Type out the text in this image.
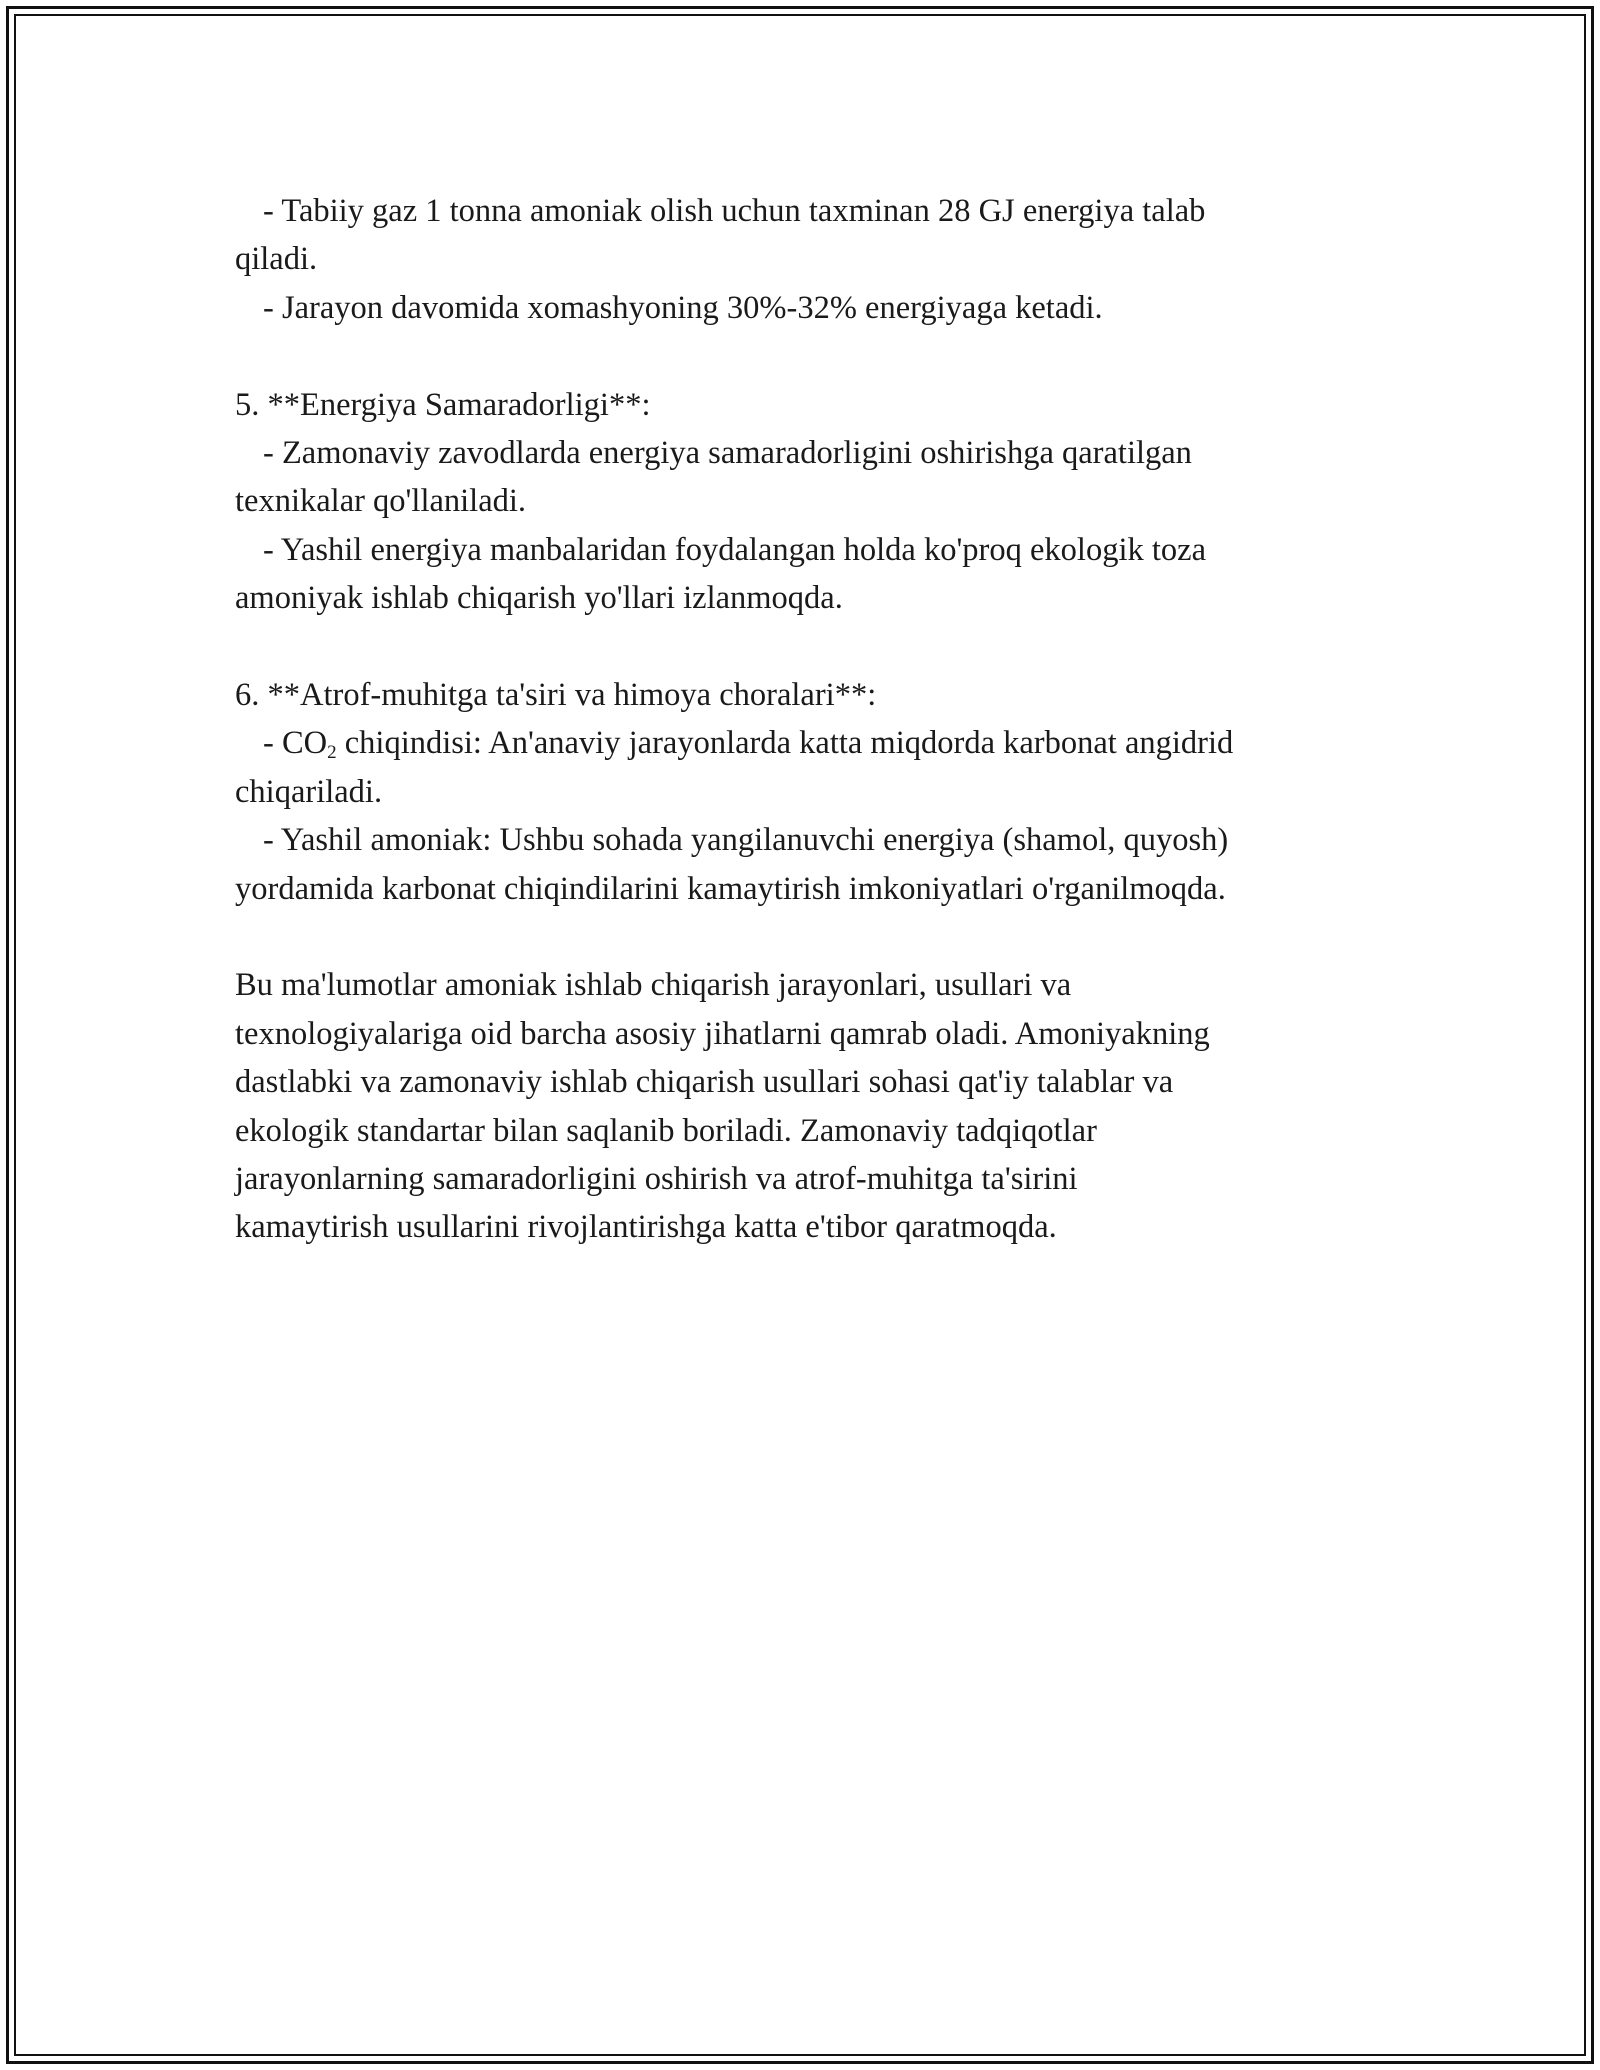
- Tabiiy gaz 1 tonna amoniak olish uchun taxminan 28 GJ energiya talab
qiladi.
- Jarayon davomida xomashyoning 30%-32% energiyaga ketadi.
5. **Energiya Samaradorligi**:
- Zamonaviy zavodlarda energiya samaradorligini oshirishga qaratilgan
texnikalar qo'llaniladi.
- Yashil energiya manbalaridan foydalangan holda ko'proq ekologik toza
amoniyak ishlab chiqarish yo'llari izlanmoqda.
6. **Atrof-muhitga ta'siri va himoya choralari**:
- $CO_2$ chiqindisi: An'anaviy jarayonlarda katta miqdorda karbonat angidrid
chiqariladi.
- Yashil amoniak: Ushbu sohada yangilanuvchi energiya (shamol, quyosh)
yordamida karbonat chiqindilarini kamaytirish imkoniyatlari o'rganilmoqda.
Bu ma'lumotlar amoniak ishlab chiqarish jarayonlari, usullari va
texnologiyalariga oid barcha asosiy jihatlarni qamrab oladi. Amoniyakning
dastlabki va zamonaviy ishlab chiqarish usullari sohasi qat'iy talablar va
ekologik standartar bilan saqlanib boriladi. Zamonaviy tadqiqotlar
jarayonlarning samaradorligini oshirish va atrof-muhitga ta'sirini
kamaytirish usullarini rivojlantirishga katta e'tibor qaratmoqda.
